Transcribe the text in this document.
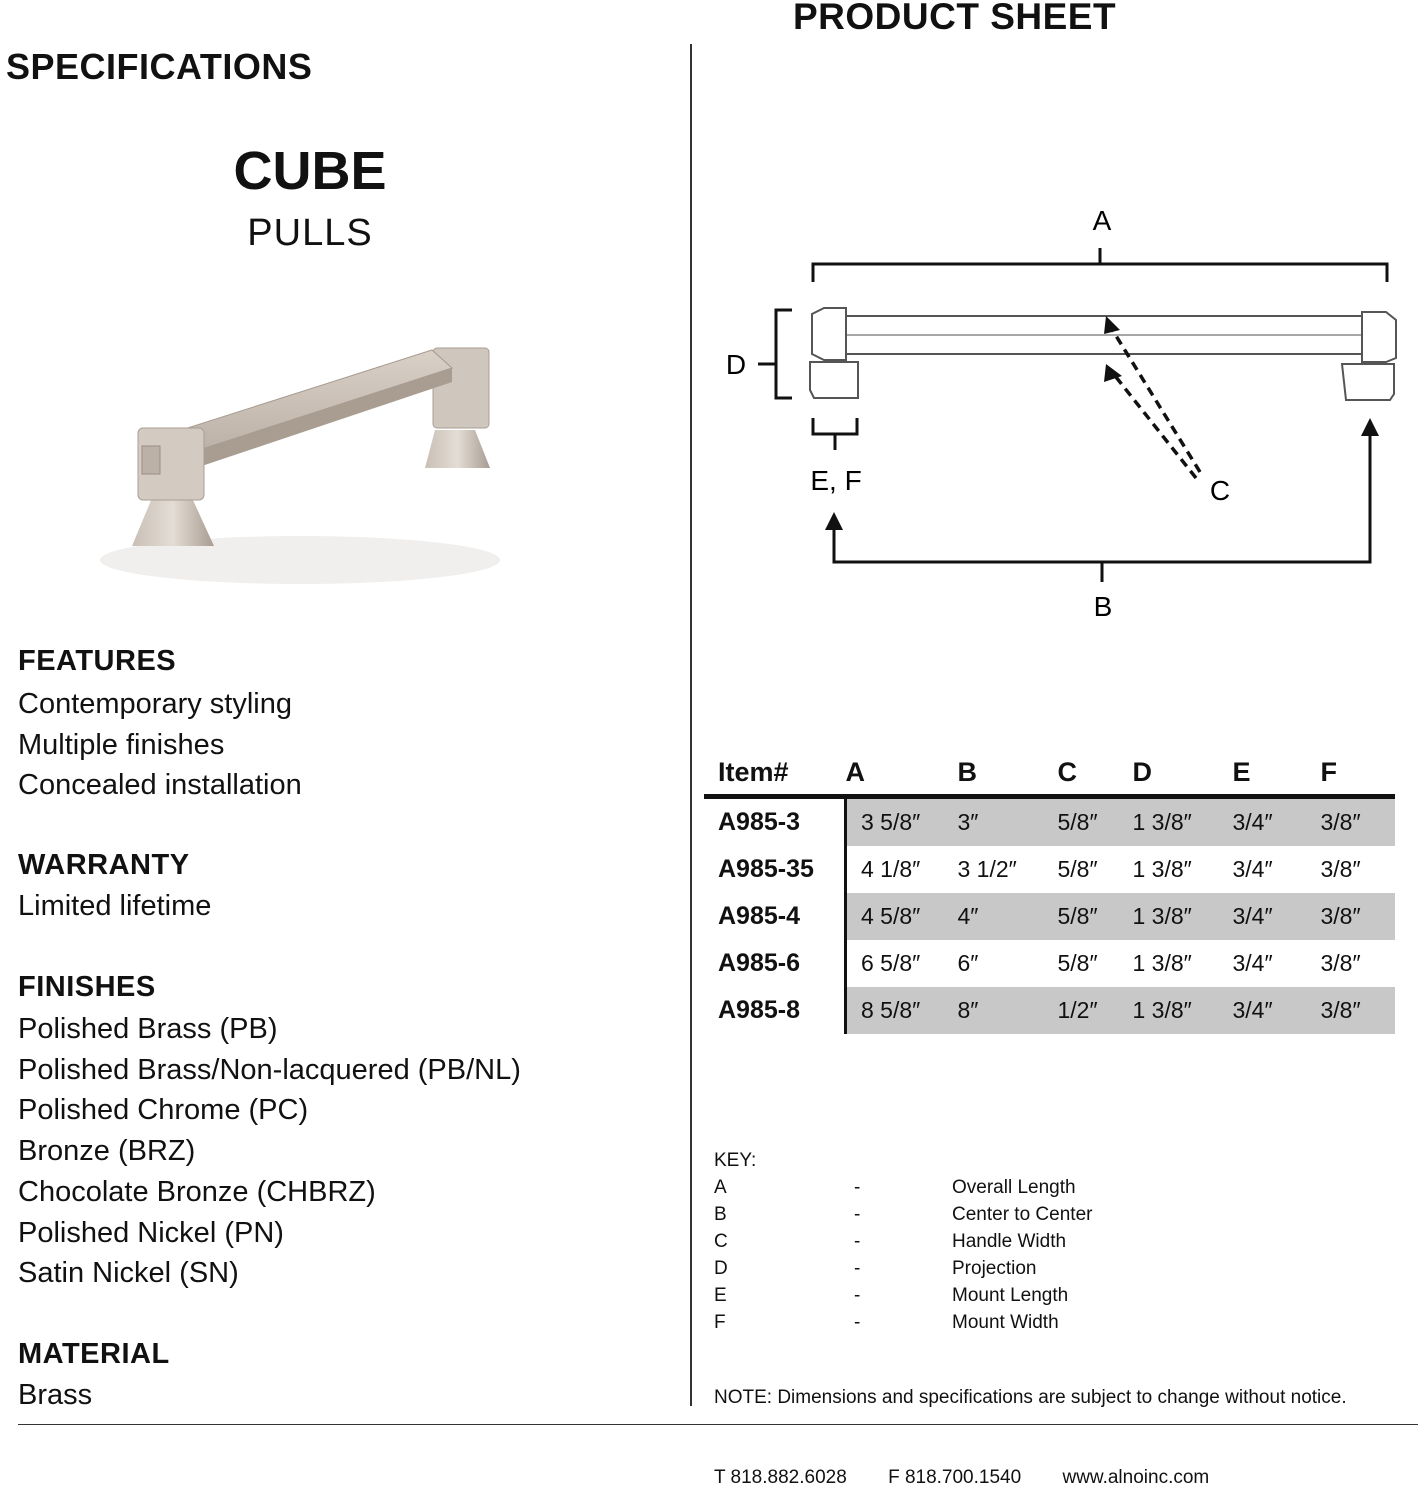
PRODUCT SHEET
SPECIFICATIONS
CUBE
PULLS
FEATURES
Contemporary styling
Multiple finishes
Concealed installation
WARRANTY
Limited lifetime
FINISHES
Polished Brass (PB)
Polished Brass/Non-lacquered (PB/NL)
Polished Chrome (PC)
Bronze (BRZ)
Chocolate Bronze (CHBRZ)
Polished Nickel (PN)
Satin Nickel (SN)
MATERIAL
Brass
A
D
E, F	C
B
Item#	A	B	C	D	E	F
A985-3	3 5/8″	3″	5/8″	1 3/8″	3/4″	3/8″
A985-35	4 1/8″	3 1/2″	5/8″	1 3/8″	3/4″	3/8″
A985-4	4 5/8″	4″	5/8″	1 3/8″	3/4″	3/8″
A985-6	6 5/8″	6″	5/8″	1 3/8″	3/4″	3/8″
A985-8	8 5/8″	8″	1/2″	1 3/8″	3/4″	3/8″
KEY:
A	-	Overall Length
B	-	Center to Center
C	-	Handle Width
D	-	Projection
E	-	Mount Length
F	-	Mount Width
NOTE: Dimensions and specifications are subject to change without notice.
T 818.882.6028 F 818.700.1540 www.alnoinc.com
